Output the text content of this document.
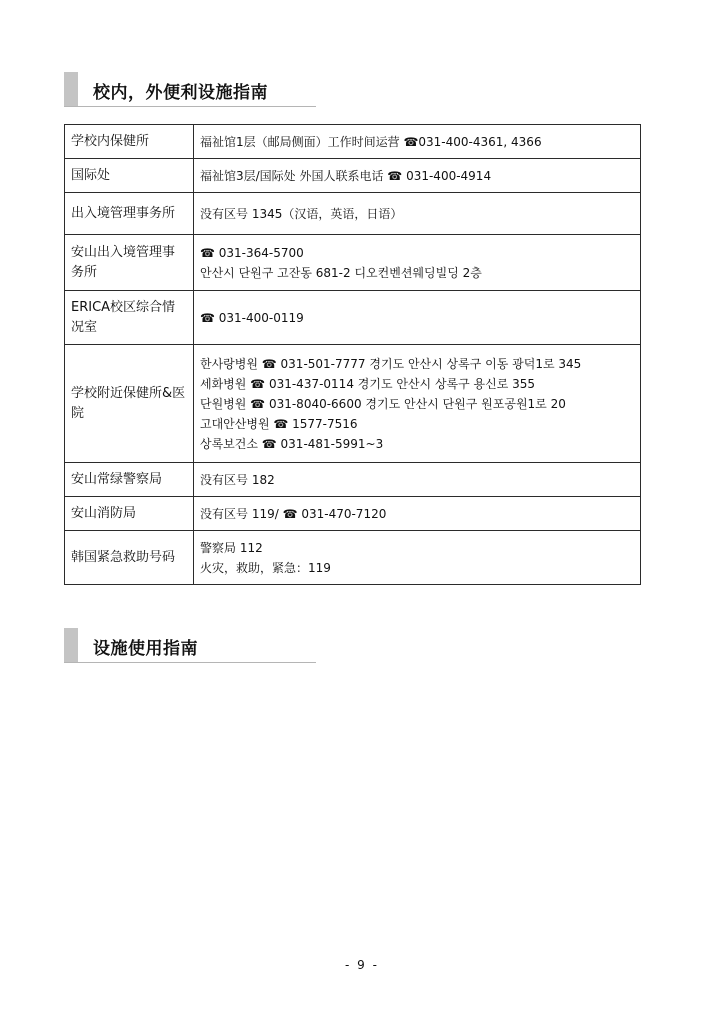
校内，外便利设施指南
学校内保健所	福祉馆1层（邮局侧面）工作时间运营 ☎031-400-4361, 4366

国际处	福祉馆3层/国际处 外国人联系电话 ☎ 031-400-4914

出入境管理事务所	没有区号 1345（汉语，英语，日语）

安山出入境管理事务所	☎ 031-364-5700
안산시 단원구 고잔동 681-2 디오컨벤션웨딩빌딩 2층

ERICA校区综合情况室	☎ 031-400-0119

学校附近保健所&医院	한사랑병원 ☎ 031-501-7777 경기도 안산시 상록구 이동 광덕1로 345
세화병원 ☎ 031-437-0114 경기도 안산시 상록구 용신로 355
단원병원 ☎ 031-8040-6600 경기도 안산시 단원구 원포공원1로 20
고대안산병원 ☎ 1577-7516
상록보건소 ☎ 031-481-5991~3

安山常绿警察局	没有区号 182

安山消防局	没有区号 119/ ☎ 031-470-7120

韩国紧急救助号码	警察局 112
火灾，救助，紧急：119
设施使用指南
- 9 -
